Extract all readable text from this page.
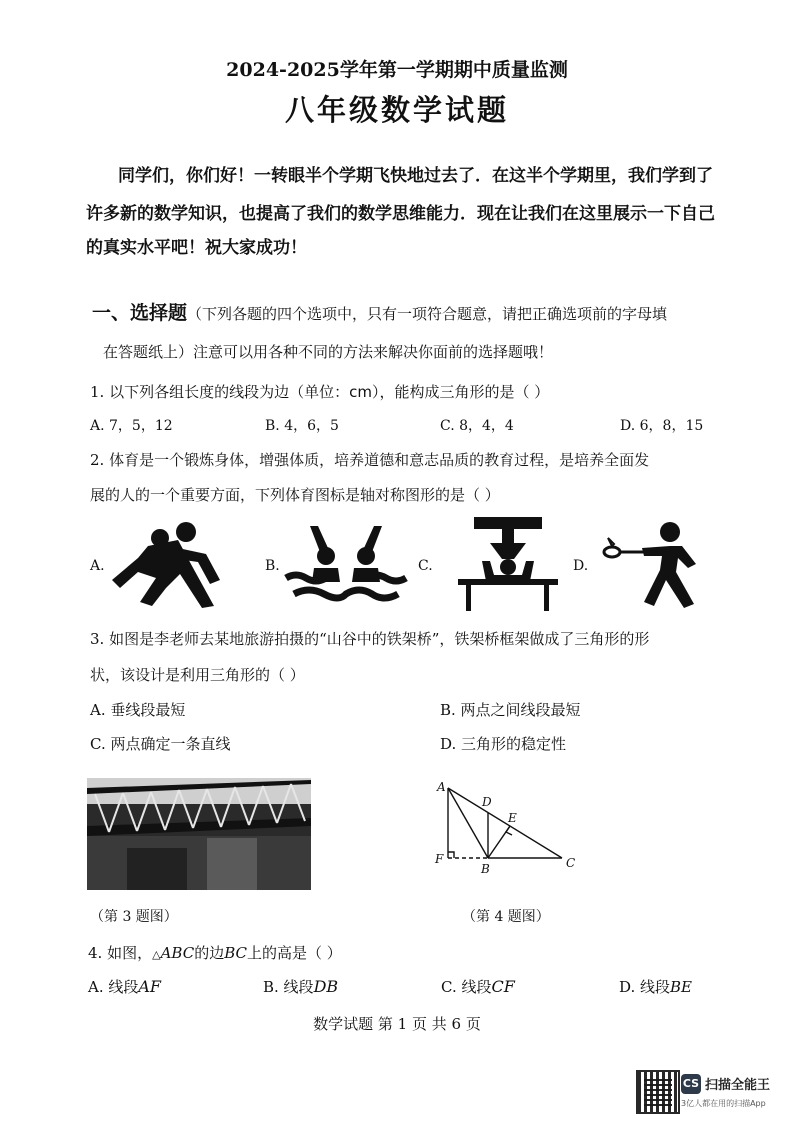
2024-2025学年第一学期期中质量监测
八年级数学试题
同学们，你们好！一转眼半个学期飞快地过去了．在这半个学期里，我们学到了
许多新的数学知识，也提高了我们的数学思维能力．现在让我们在这里展示一下自己
的真实水平吧！祝大家成功！
一、选择题（下列各题的四个选项中，只有一项符合题意，请把正确选项前的字母填
在答题纸上）注意可以用各种不同的方法来解决你面前的选择题哦！
1. 以下列各组长度的线段为边（单位：cm），能构成三角形的是（ ）
A. 7，5，12	B. 4，6，5	C. 8，4，4	D. 6，8，15
2. 体育是一个锻炼身体，增强体质，培养道德和意志品质的教育过程，是培养全面发
展的人的一个重要方面，下列体育图标是轴对称图形的是（ ）
A.	B.	C.	D.
3. 如图是李老师去某地旅游拍摄的“山谷中的铁架桥”，铁架桥框架做成了三角形的形
状，该设计是利用三角形的（ ）
A. 垂线段最短	B. 两点之间线段最短
C. 两点确定一条直线	D. 三角形的稳定性
（第 3 题图）
A
D
E
F
B	C
（第 4 题图）
4. 如图，△ABC的边BC上的高是（ ）
A. 线段AF	B. 线段DB	C. 线段CF	D. 线段BE
数学试题 第 1 页 共 6 页
CS 扫描全能王
3亿人都在用的扫描App
